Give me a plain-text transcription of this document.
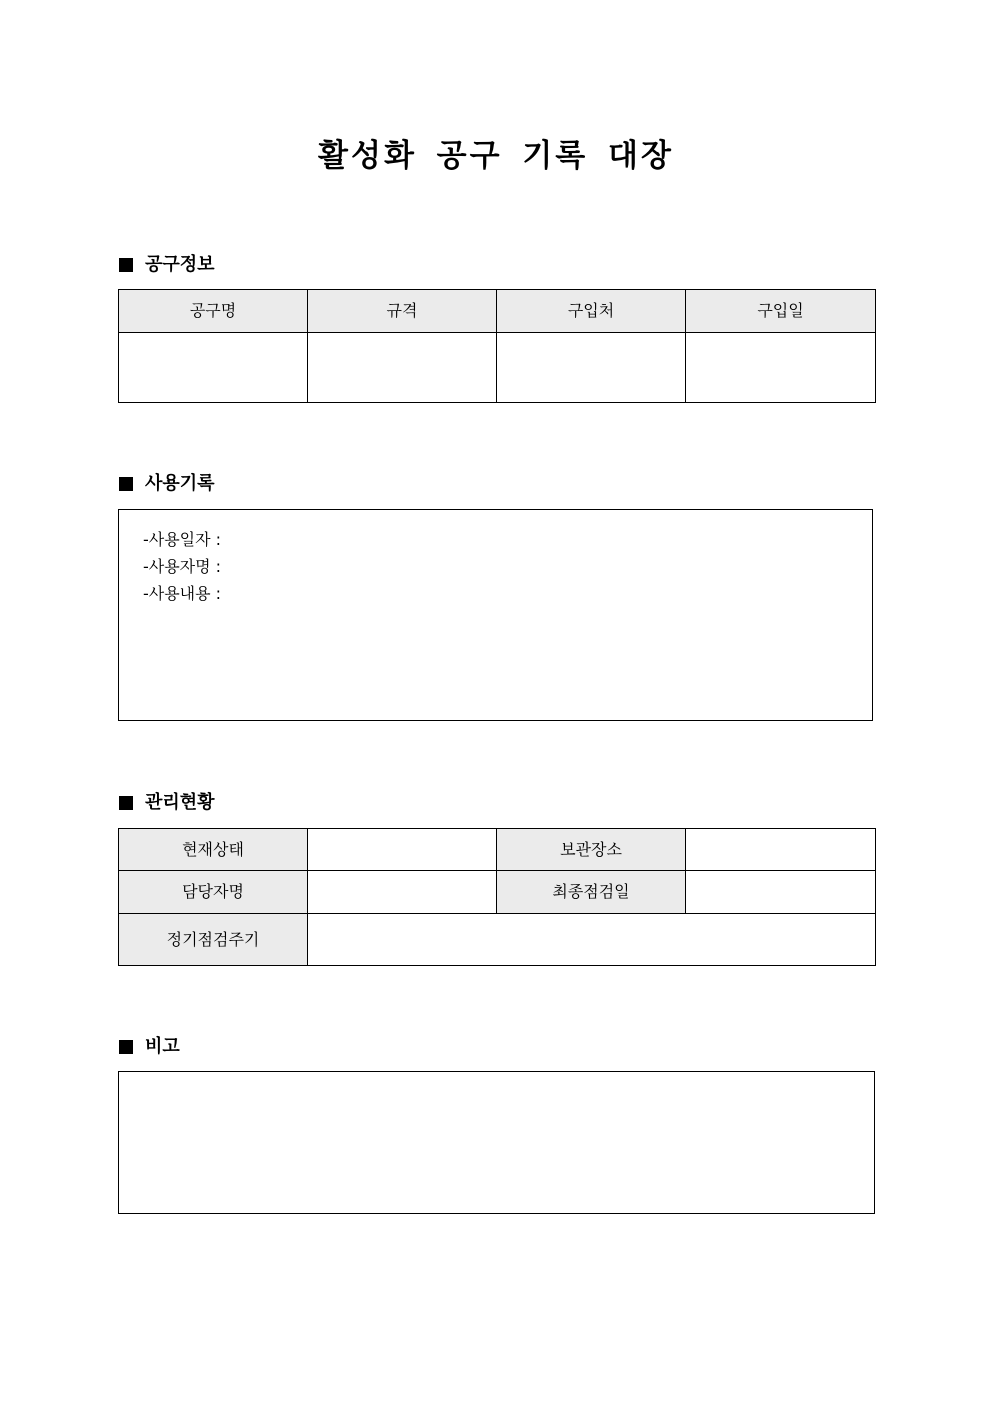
활성화 공구 기록 대장
공구정보
공구명	규격	구입처	구입일

사용기록
-사용일자 :
-사용자명 :
-사용내용 :
관리현황
현재상태		보관장소	
담당자명		최종점검일	
정기점검주기			
비고
